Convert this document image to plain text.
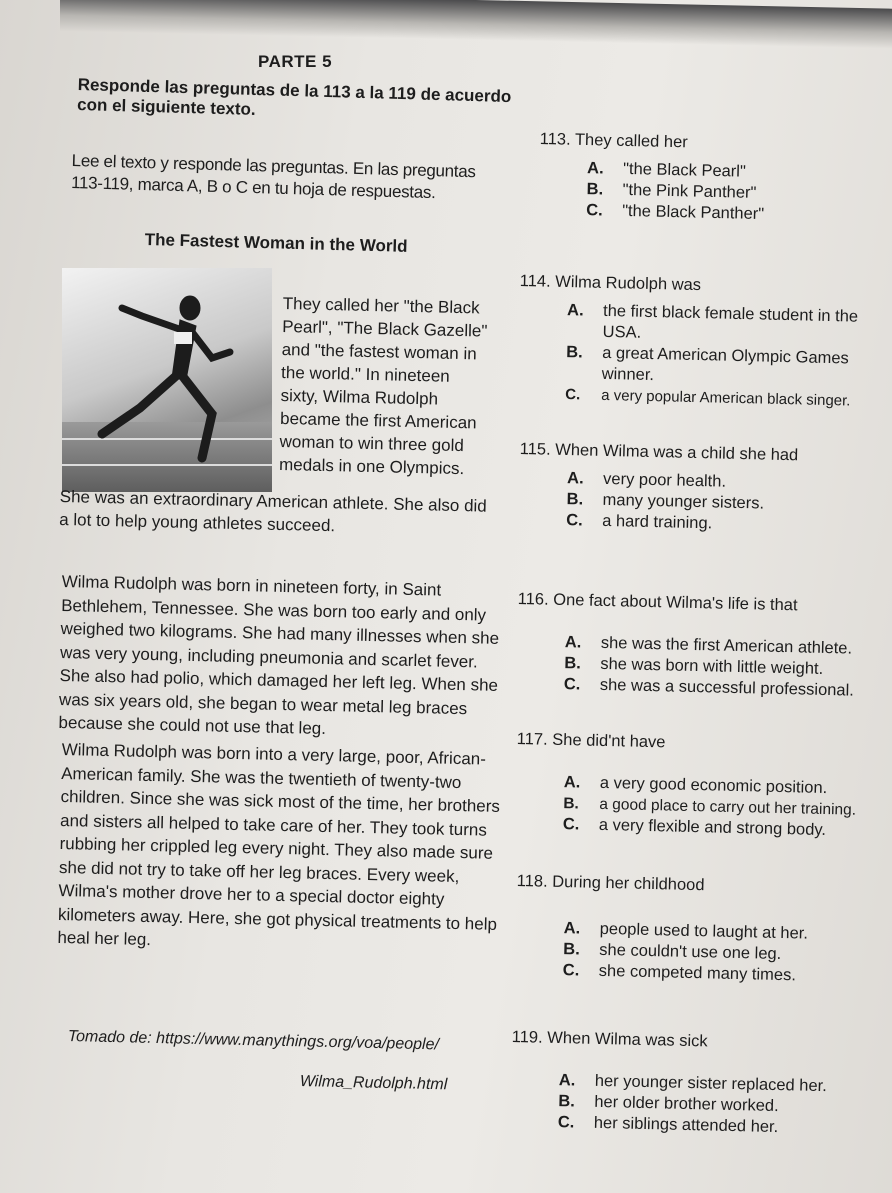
PARTE 5
Responde las preguntas de la 113 a la 119 de acuerdo con el siguiente texto.
Lee el texto y responde las preguntas. En las preguntas 113-119, marca A, B o C en tu hoja de respuestas.
The Fastest Woman in the World
They called her "the Black Pearl", "The Black Gazelle" and "the fastest woman in the world." In nineteen sixty, Wilma Rudolph became the first American woman to win three gold medals in one Olympics.
She was an extraordinary American athlete. She also did a lot to help young athletes succeed.
Wilma Rudolph was born in nineteen forty, in Saint Bethlehem, Tennessee. She was born too early and only weighed two kilograms. She had many illnesses when she was very young, including pneumonia and scarlet fever. She also had polio, which damaged her left leg. When she was six years old, she began to wear metal leg braces because she could not use that leg.
Wilma Rudolph was born into a very large, poor, African-American family. She was the twentieth of twenty-two children. Since she was sick most of the time, her brothers and sisters all helped to take care of her. They took turns rubbing her crippled leg every night. They also made sure she did not try to take off her leg braces. Every week, Wilma's mother drove her to a special doctor eighty kilometers away. Here, she got physical treatments to help heal her leg.
Tomado de: https://www.manythings.org/voa/people/
Wilma_Rudolph.html
113. They called her
A.	"the Black Pearl"
B.	"the Pink Panther"
C.	"the Black Panther"
114. Wilma Rudolph was
A.	the first black female student in the USA.
B.	a great American Olympic Games winner.
C.	a very popular American black singer.
115. When Wilma was a child she had
A.	very poor health.
B.	many younger sisters.
C.	a hard training.
116. One fact about Wilma's life is that
A.	she was the first American athlete.
B.	she was born with little weight.
C.	she was a successful professional.
117. She did'nt have
A.	a very good economic position.
B.	a good place to carry out her training.
C.	a very flexible and strong body.
118. During her childhood
A.	people used to laught at her.
B.	she couldn't use one leg.
C.	she competed many times.
119. When Wilma was sick
A.	her younger sister replaced her.
B.	her older brother worked.
C.	her siblings attended her.
